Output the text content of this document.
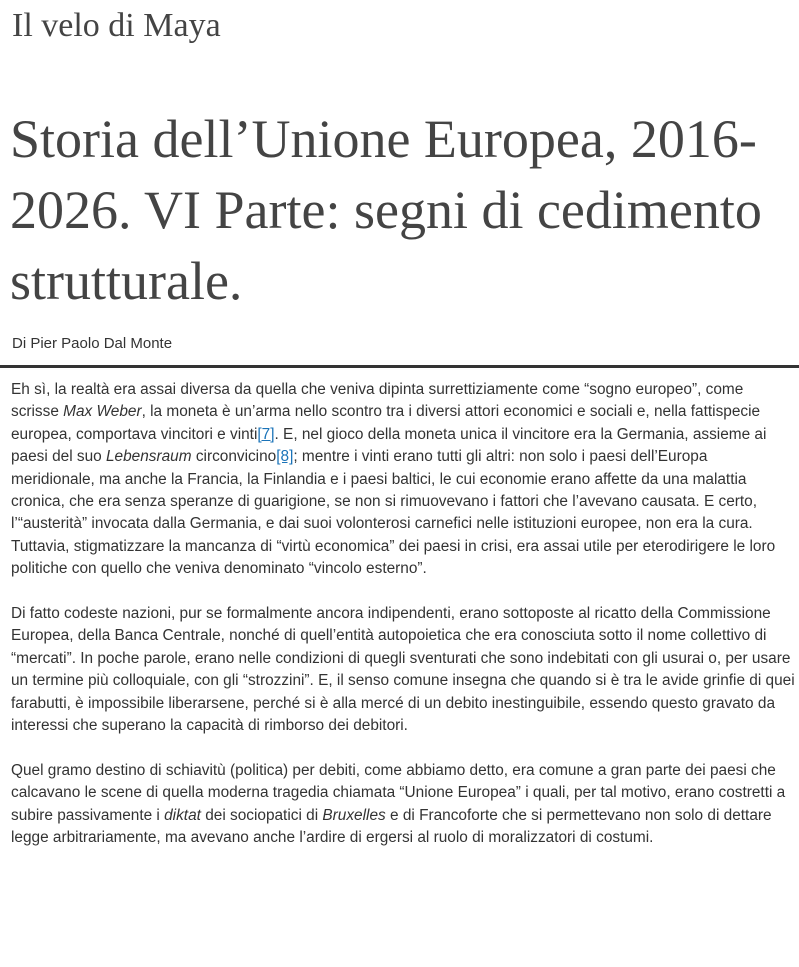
Il velo di Maya
Storia dell’Unione Europea, 2016-2026. VI Parte: segni di cedimento strutturale.

Di Pier Paolo Dal Monte

Eh sì, la realtà era assai diversa da quella che veniva dipinta surrettiziamente come “sogno europeo”, come scrisse Max Weber, la moneta è un’arma nello scontro tra i diversi attori economici e sociali e, nella fattispecie europea, comportava vincitori e vinti[7]. E, nel gioco della moneta unica il vincitore era la Germania, assieme ai paesi del suo Lebensraum circonvicino[8]; mentre i vinti erano tutti gli altri: non solo i paesi dell’Europa meridionale, ma anche la Francia, la Finlandia e i paesi baltici, le cui economie erano affette da una malattia cronica, che era senza speranze di guarigione, se non si rimuovevano i fattori che l’avevano causata. E certo, l’“austerità” invocata dalla Germania, e dai suoi volonterosi carnefici nelle istituzioni europee, non era la cura. Tuttavia, stigmatizzare la mancanza di “virtù economica” dei paesi in crisi, era assai utile per eterodirigere le loro politiche con quello che veniva denominato “vincolo esterno”.

Di fatto codeste nazioni, pur se formalmente ancora indipendenti, erano sottoposte al ricatto della Commissione Europea, della Banca Centrale, nonché di quell’entità autopoietica che era conosciuta sotto il nome collettivo di “mercati”. In poche parole, erano nelle condizioni di quegli sventurati che sono indebitati con gli usurai o, per usare un termine più colloquiale, con gli “strozzini”. E, il senso comune insegna che quando si è tra le avide grinfie di quei farabutti, è impossibile liberarsene, perché si è alla mercé di un debito inestinguibile, essendo questo gravato da interessi che superano la capacità di rimborso dei debitori.

Quel gramo destino di schiavitù (politica) per debiti, come abbiamo detto, era comune a gran parte dei paesi che calcavano le scene di quella moderna tragedia chiamata “Unione Europea” i quali, per tal motivo, erano costretti a subire passivamente i diktat dei sociopatici di Bruxelles e di Francoforte che si permettevano non solo di dettare legge arbitrariamente, ma avevano anche l’ardire di ergersi al ruolo di moralizzatori di costumi.
